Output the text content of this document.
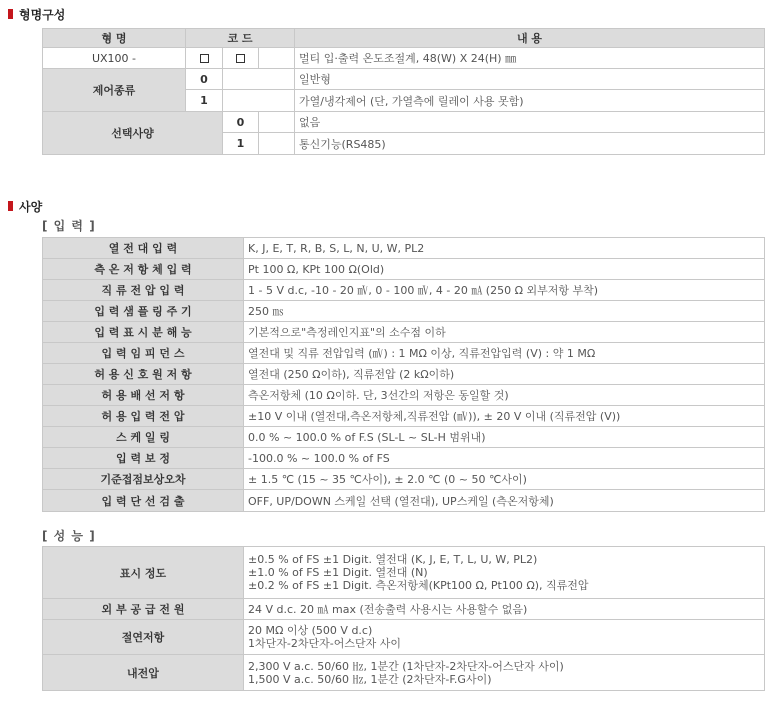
형명구성
형 명	코 드			내 용
UX100 -				멀티 입·출력 온도조절계, 48(W) X 24(H) ㎜
제어종류	0			일반형
	1			가열/냉각제어 (단, 가열측에 릴레이 사용 못함)
선택사양		0		없음
		1		통신기능(RS485)
사양
[ 입 력 ]
열 전 대 입 력	K, J, E, T, R, B, S, L, N, U, W, PL2
측 온 저 항 체 입 력	Pt 100 Ω, KPt 100 Ω(Old)
직 류 전 압 입 력	1 - 5 V d.c, -10 - 20 ㎷, 0 - 100 ㎷, 4 - 20 ㎃ (250 Ω 외부저항 부착)
입 력 샘 플 링 주 기	250 ㎳
입 력 표 시 분 해 능	기본적으로"측정레인지표"의 소수점 이하
입 력 임 피 던 스	열전대 및 직류 전압입력 (㎷) : 1 MΩ 이상, 직류전압입력 (V) : 약 1 MΩ
허 용 신 호 원 저 항	열전대 (250 Ω이하), 직류전압 (2 kΩ이하)
허 용 배 선 저 항	측온저항체 (10 Ω이하. 단, 3선간의 저항은 동일할 것)
허 용 입 력 전 압	±10 V 이내 (열전대,측온저항체,직류전압 (㎷)), ± 20 V 이내 (직류전압 (V))
스 케 일 링	0.0 % ~ 100.0 % of F.S (SL-L ~ SL-H 범위내)
입 력 보 정	-100.0 % ~ 100.0 % of FS
기준접점보상오차	± 1.5 ℃ (15 ~ 35 ℃사이), ± 2.0 ℃ (0 ~ 50 ℃사이)
입 력 단 선 검 출	OFF, UP/DOWN 스케일 선택 (열전대), UP스케일 (측온저항체)
[ 성 능 ]
표시 정도	±0.5 % of FS ±1 Digit. 열전대 (K, J, E, T, L, U, W, PL2)
±1.0 % of FS ±1 Digit. 열전대 (N)
±0.2 % of FS ±1 Digit. 측온저항체(KPt100 Ω, Pt100 Ω), 직류전압

외 부 공 급 전 원	24 V d.c. 20 ㎃ max (전송출력 사용시는 사용할수 없음)
절연저항	20 MΩ 이상 (500 V d.c)
1차단자-2차단자-어스단자 사이

내전압	2,300 V a.c. 50/60 ㎐, 1분간 (1차단자-2차단자-어스단자 사이)
1,500 V a.c. 50/60 ㎐, 1분간 (2차단자-F.G사이)
